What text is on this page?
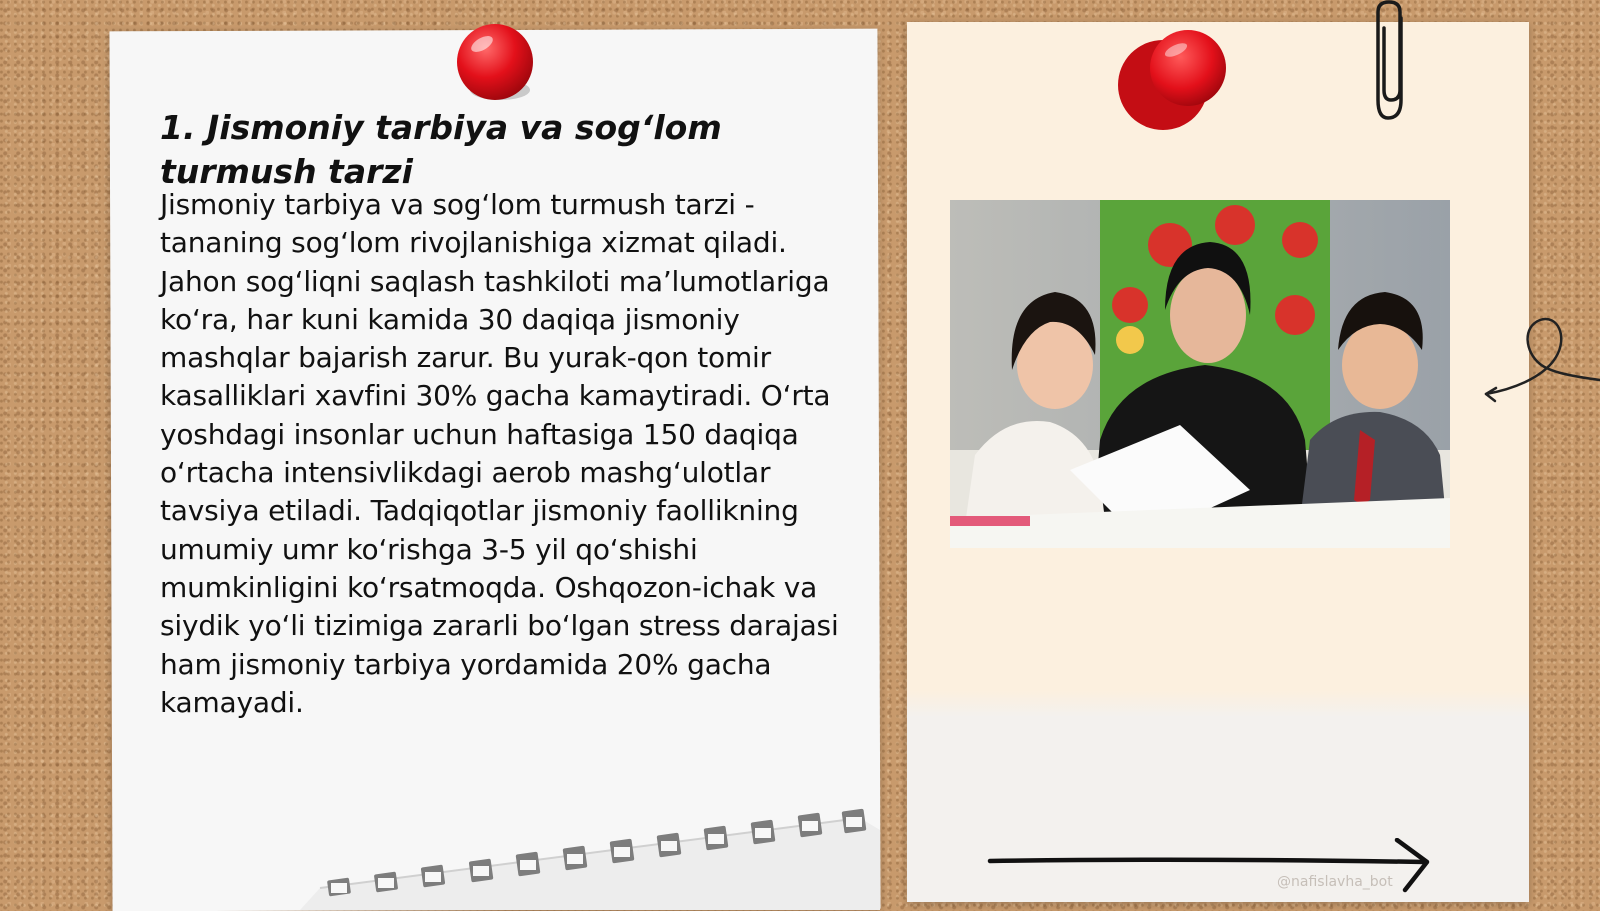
1. Jismoniy tarbiya va sog‘lom turmush tarzi

Jismoniy tarbiya va sog‘lom turmush tarzi - tananing sog‘lom rivojlanishiga xizmat qiladi. Jahon sog‘liqni saqlash tashkiloti ma’lumotlariga ko‘ra, har kuni kamida 30 daqiqa jismoniy mashqlar bajarish zarur. Bu yurak-qon tomir kasalliklari xavfini 30% gacha kamaytiradi. O‘rta yoshdagi insonlar uchun haftasiga 150 daqiqa o‘rtacha intensivlikdagi aerob mashg‘ulotlar tavsiya etiladi. Tadqiqotlar jismoniy faollikning umumiy umr ko‘rishga 3-5 yil qo‘shishi mumkinligini ko‘rsatmoqda. Oshqozon-ichak va siydik yo‘li tizimiga zararli bo‘lgan stress darajasi ham jismoniy tarbiya yordamida 20% gacha kamayadi.

@nafislavha_bot
